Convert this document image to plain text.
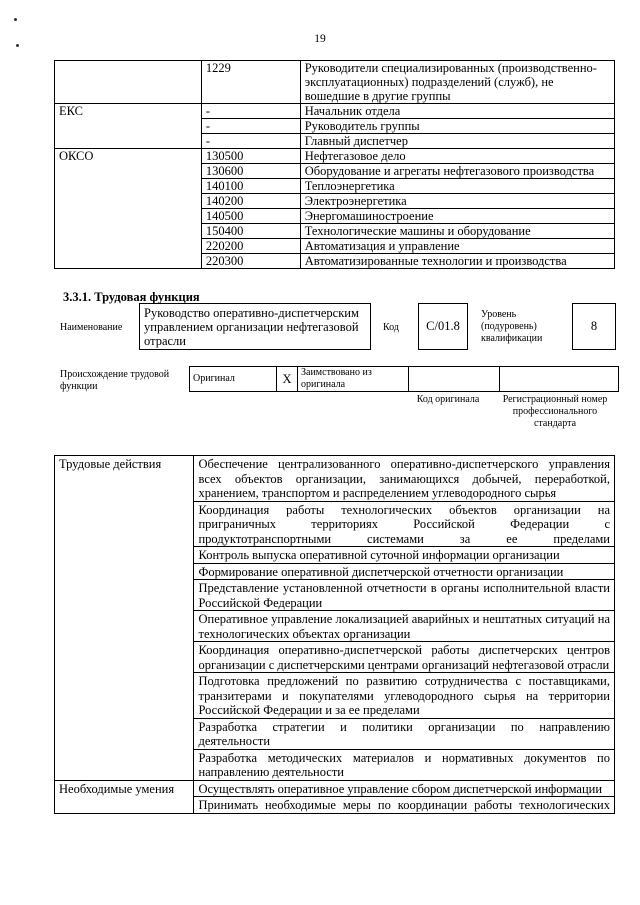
19
	1229	Руководители специализированных (производственно-эксплуатационных) подразделений (служб), не вошедшие в другие группы
ЕКС	-	Начальник отдела
	-	Руководитель группы
	-	Главный диспетчер
ОКСО	130500	Нефтегазовое дело
	130600	Оборудование и агрегаты нефтегазового производства
	140100	Теплоэнергетика
	140200	Электроэнергетика
	140500	Энергомашиностроение
	150400	Технологические машины и оборудование
	220200	Автоматизация и управление
	220300	Автоматизированные технологии и производства
3.3.1. Трудовая функция
Наименование
Руководство оперативно-диспетчерским управлением организации нефтегазовой отрасли
Код	C/01.8
Уровень (подуровень) квалификации
8
Происхождение трудовой функции
Оригинал	X	Заимствовано из оригинала		
Код оригинала	Регистрационный номер профессионального стандарта
Трудовые действия	Обеспечение централизованного оперативно-диспетчерского управления всех объектов организации, занимающихся добычей, переработкой, хранением, транспортом и распределением углеводородного сырья
	Координация работы технологических объектов организации на приграничных территориях Российской Федерации с продуктотранспортными системами за ее пределами
	Контроль выпуска оперативной суточной информации организации
	Формирование оперативной диспетчерской отчетности организации
	Представление установленной отчетности в органы исполнительной власти Российской Федерации
	Оперативное управление локализацией аварийных и нештатных ситуаций на технологических объектах организации
	Координация оперативно-диспетчерской работы диспетчерских центров организации с диспетчерскими центрами организаций нефтегазовой отрасли
	Подготовка предложений по развитию сотрудничества с поставщиками, транзитерами и покупателями углеводородного сырья на территории Российской Федерации и за ее пределами
	Разработка стратегии и политики организации по направлению деятельности
	Разработка методических материалов и нормативных документов по направлению деятельности
Необходимые умения	Осуществлять оперативное управление сбором диспетчерской информации
	Принимать необходимые меры по координации работы технологических
